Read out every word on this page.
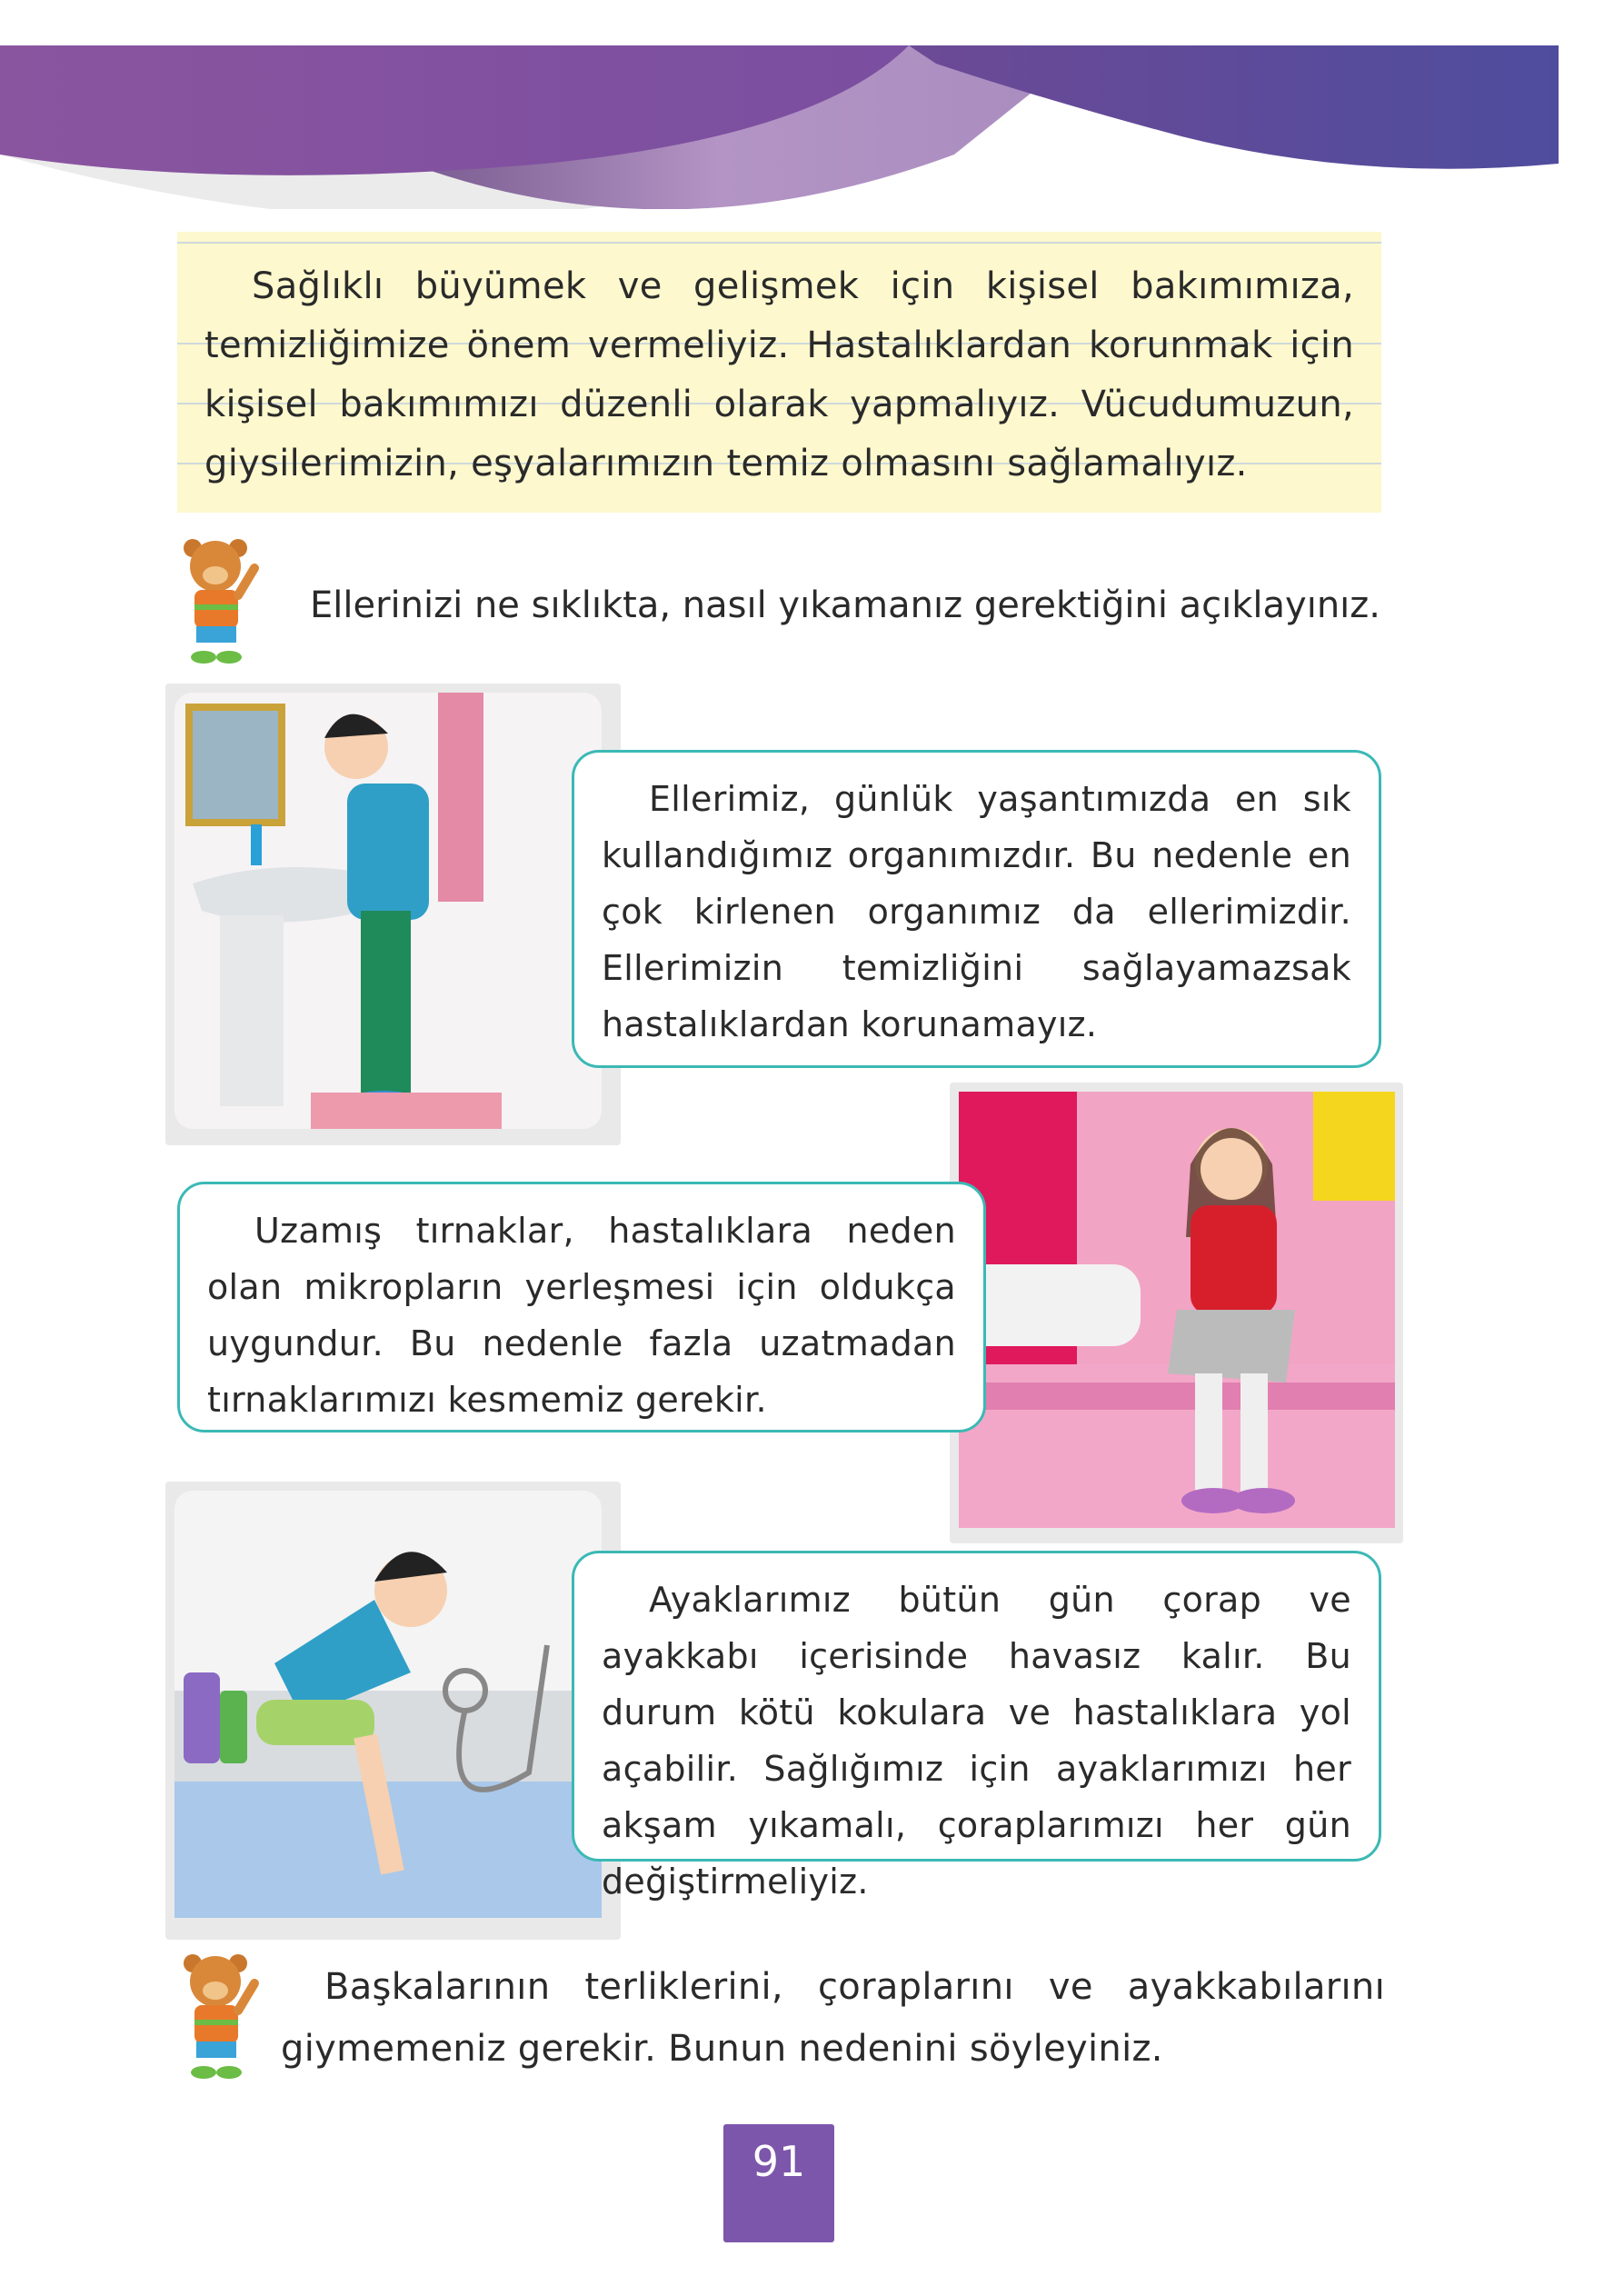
Sağlıklı büyümek ve gelişmek için kişisel bakımımıza, temizliğimize önem vermeliyiz. Hastalıklardan korunmak için kişisel bakımımızı düzenli olarak yapmalıyız. Vücudumuzun, giysilerimizin, eşyalarımızın temiz olmasını sağlamalıyız.

Ellerinizi ne sıklıkta, nasıl yıkamanız gerektiğini açıklayınız.

Ellerimiz, günlük yaşantımızda en sık kullandığımız organımızdır. Bu nedenle en çok kirlenen organımız da ellerimizdir. Ellerimizin temizliğini sağlayamazsak hastalıklardan korunamayız.

Uzamış tırnaklar, hastalıklara neden olan mikropların yerleşmesi için oldukça uygundur. Bu nedenle fazla uzatmadan tırnaklarımızı kesmemiz gerekir.

Ayaklarımız bütün gün çorap ve ayakkabı içerisinde havasız kalır. Bu durum kötü kokulara ve hastalıklara yol açabilir. Sağlığımız için ayaklarımızı her akşam yıkamalı, çoraplarımızı her gün değiştirmeliyiz.

Başkalarının terliklerini, çoraplarını ve ayakkabılarını giymemeniz gerekir. Bunun nedenini söyleyiniz.

91
